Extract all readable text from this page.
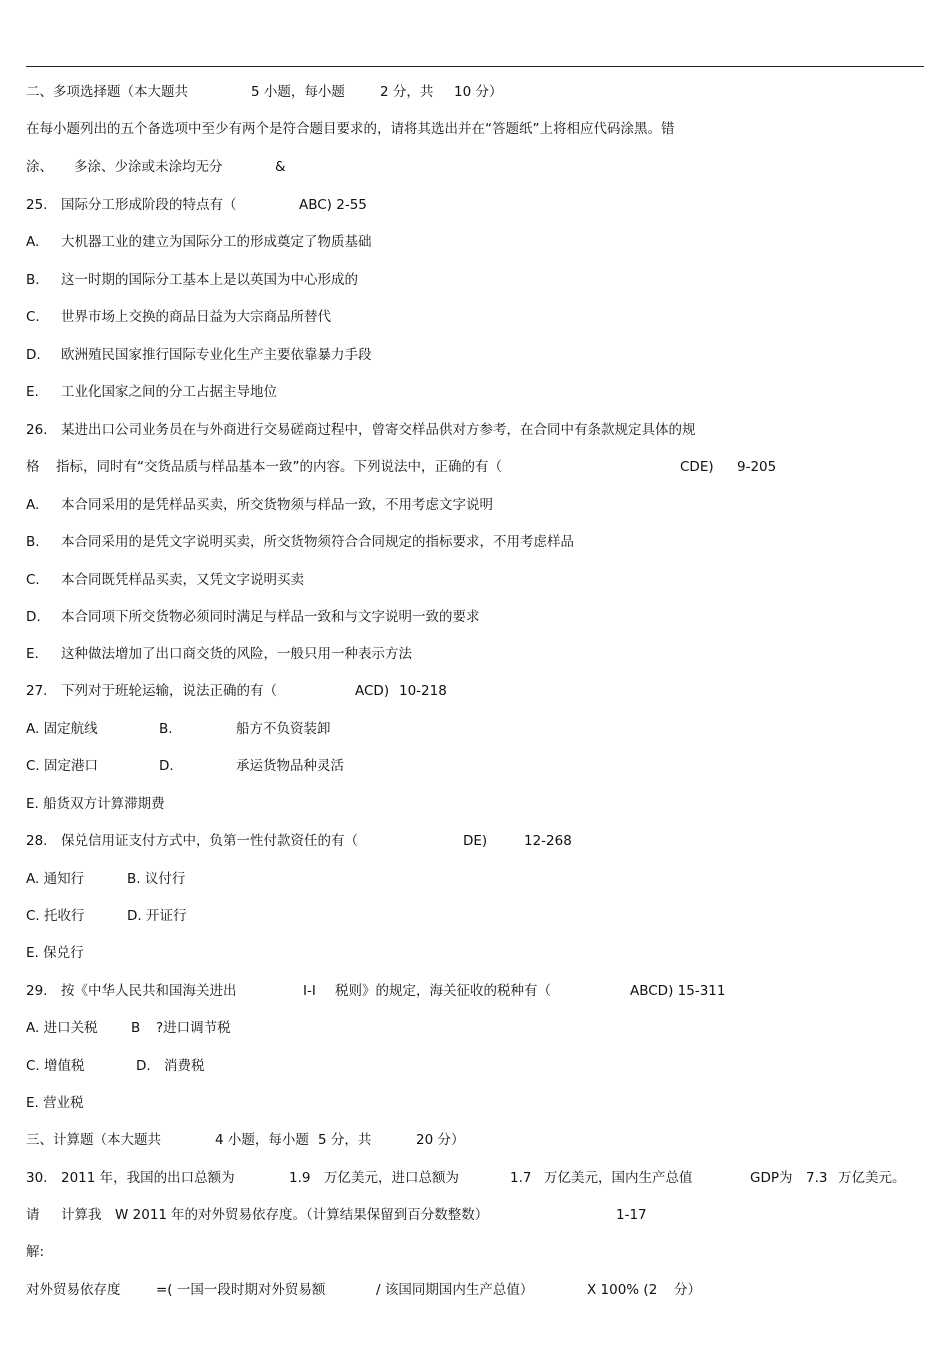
二、多项选择题（本大题共	5 小题，每小题	2 分，共 10 分）
在每小题列出的五个备选项中至少有两个是符合题目要求的，请将其选出并在“答题纸”上将相应代码涂黑。错
涂、 多涂、少涂或未涂均无分	&
25. 国际分工形成阶段的特点有（	ABC) 2-55
A. 大机器工业的建立为国际分工的形成奠定了物质基础
B. 这一时期的国际分工基本上是以英国为中心形成的
C. 世界市场上交换的商品日益为大宗商品所替代
D. 欧洲殖民国家推行国际专业化生产主要依靠暴力手段
E. 工业化国家之间的分工占据主导地位
26. 某进出口公司业务员在与外商进行交易磋商过程中，曾寄交样品供对方参考，在合同中有条款规定具体的规
格 指标，同时有“交货品质与样品基本一致”的内容。下列说法中，正确的有（	CDE) 9-205
A. 本合同采用的是凭样品买卖，所交货物须与样品一致，不用考虑文字说明
B. 本合同采用的是凭文字说明买卖，所交货物须符合合同规定的指标要求，不用考虑样品
C. 本合同既凭样品买卖，又凭文字说明买卖
D. 本合同项下所交货物必须同时满足与样品一致和与文字说明一致的要求
E. 这种做法增加了出口商交货的风险，一般只用一种表示方法
27. 下列对于班轮运输，说法正确的有（	ACD) 10-218
A. 固定航线	B.	船方不负资装卸
C. 固定港口	D.	承运货物品种灵活
E. 船货双方计算滞期费
28. 保兑信用证支付方式中，负第一性付款资任的有（	DE)	12-268
A. 通知行	B. 议付行
C. 托收行	D. 开证行
E. 保兑行
29. 按《中华人民共和国海关进出	I-I 税则》的规定，海关征收的税种有（	ABCD) 15-311
A. 进口关税 B ?进口调节税
C. 增值税	D. 消费税
E. 营业税
三、计算题（本大题共	4 小题，每小题 5 分，共	20 分）
30. 2011 年，我国的出口总额为	1.9 万亿美元，进口总额为	1.7 万亿美元，国内生产总值	GDP为 7.3 万亿美元。
请 计算我 W 2011 年的对外贸易依存度。（计算结果保留到百分数整数）	1-17
解:
对外贸易依存度	=( 一国一段时期对外贸易额	/ 该国同期国内生产总值）	X 100% (2 分）
